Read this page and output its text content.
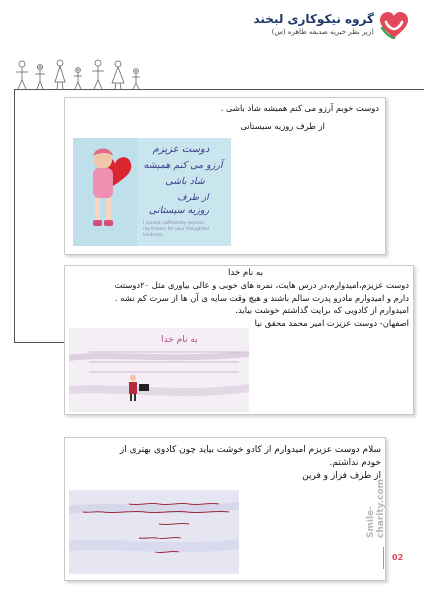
گروه نیکوکاری لبخند
(زیر نظر خیریه صدیقه طاهره (س)
دوست خوبم آرزو می کنم همیشه شاد باشی .
از طرف روزیه سیستانی
دوست عزیزم
آرزو می کنم همیشه
شاد باشی
از طرف
روزیه سیستانی
I cannot sufficiently express
my thanks for your thoughtful
kindness.
به نام خدا
دوست عزیزم،امیدوارم،در درس هایت، نمره های خوبی و عالی بیاوری مثل ۲۰دوستت
دارم و امیدوارم مادرو پدرت سالم باشند و هیچ وقت سایه ی آن ها از سرت کم نشه .
امیدوارم از کادویی که برایت گذاشتم خوشت بیاید.
اصفهان- دوست عزیزت امیر محمد محقق نیا
به نام خدا
سلام دوست عزیزم امیدوارم از کادو خوشت بیاید چون کادوی بهتری از
خودم نداشتم.
از طرف فراز و فرین
Smile-charity.com
02
